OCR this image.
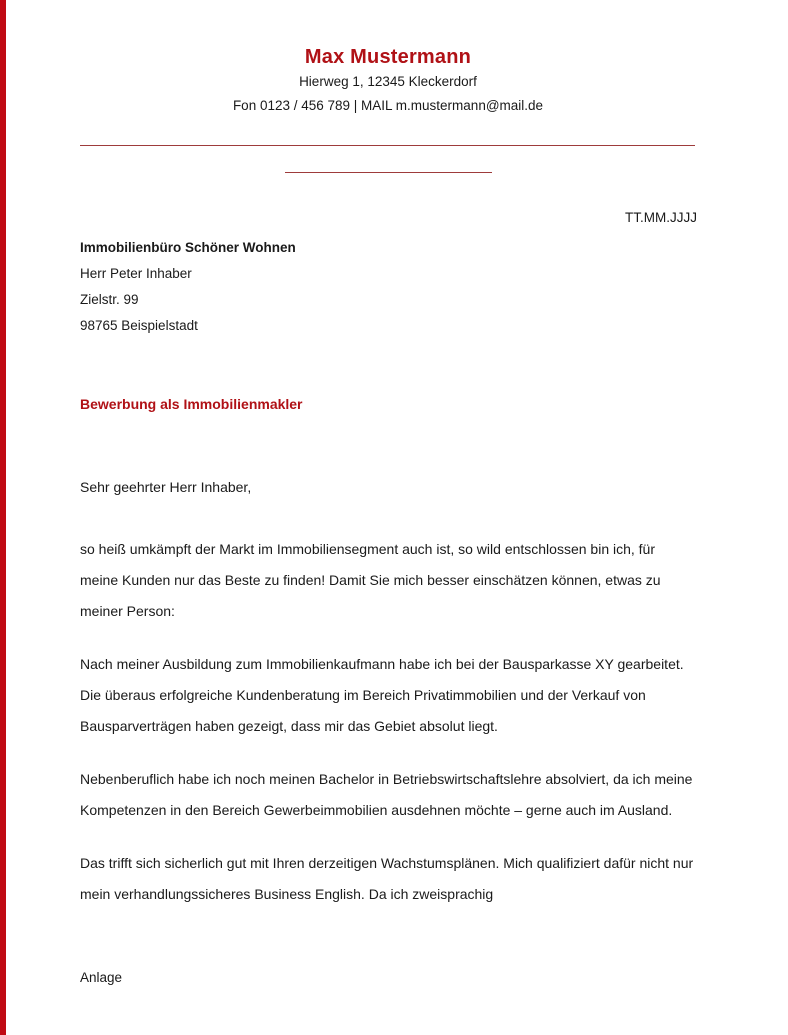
Max Mustermann
Hierweg 1, 12345 Kleckerdorf
Fon 0123 / 456 789 | MAIL m.mustermann@mail.de
TT.MM.JJJJ
Immobilienbüro Schöner Wohnen
Herr Peter Inhaber
Zielstr. 99
98765 Beispielstadt
Bewerbung als Immobilienmakler

Sehr geehrter Herr Inhaber,

so heiß umkämpft der Markt im Immobiliensegment auch ist, so wild entschlossen bin ich, für meine Kunden nur das Beste zu finden! Damit Sie mich besser einschätzen können, etwas zu meiner Person:

Nach meiner Ausbildung zum Immobilienkaufmann habe ich bei der Bausparkasse XY gearbeitet. Die überaus erfolgreiche Kundenberatung im Bereich Privatimmobilien und der Verkauf von Bausparverträgen haben gezeigt, dass mir das Gebiet absolut liegt.

Nebenberuflich habe ich noch meinen Bachelor in Betriebswirtschaftslehre absolviert, da ich meine Kompetenzen in den Bereich Gewerbeimmobilien ausdehnen möchte – gerne auch im Ausland.

Das trifft sich sicherlich gut mit Ihren derzeitigen Wachstumsplänen. Mich qualifiziert dafür nicht nur mein verhandlungssicheres Business English. Da ich zweisprachig

Anlage
